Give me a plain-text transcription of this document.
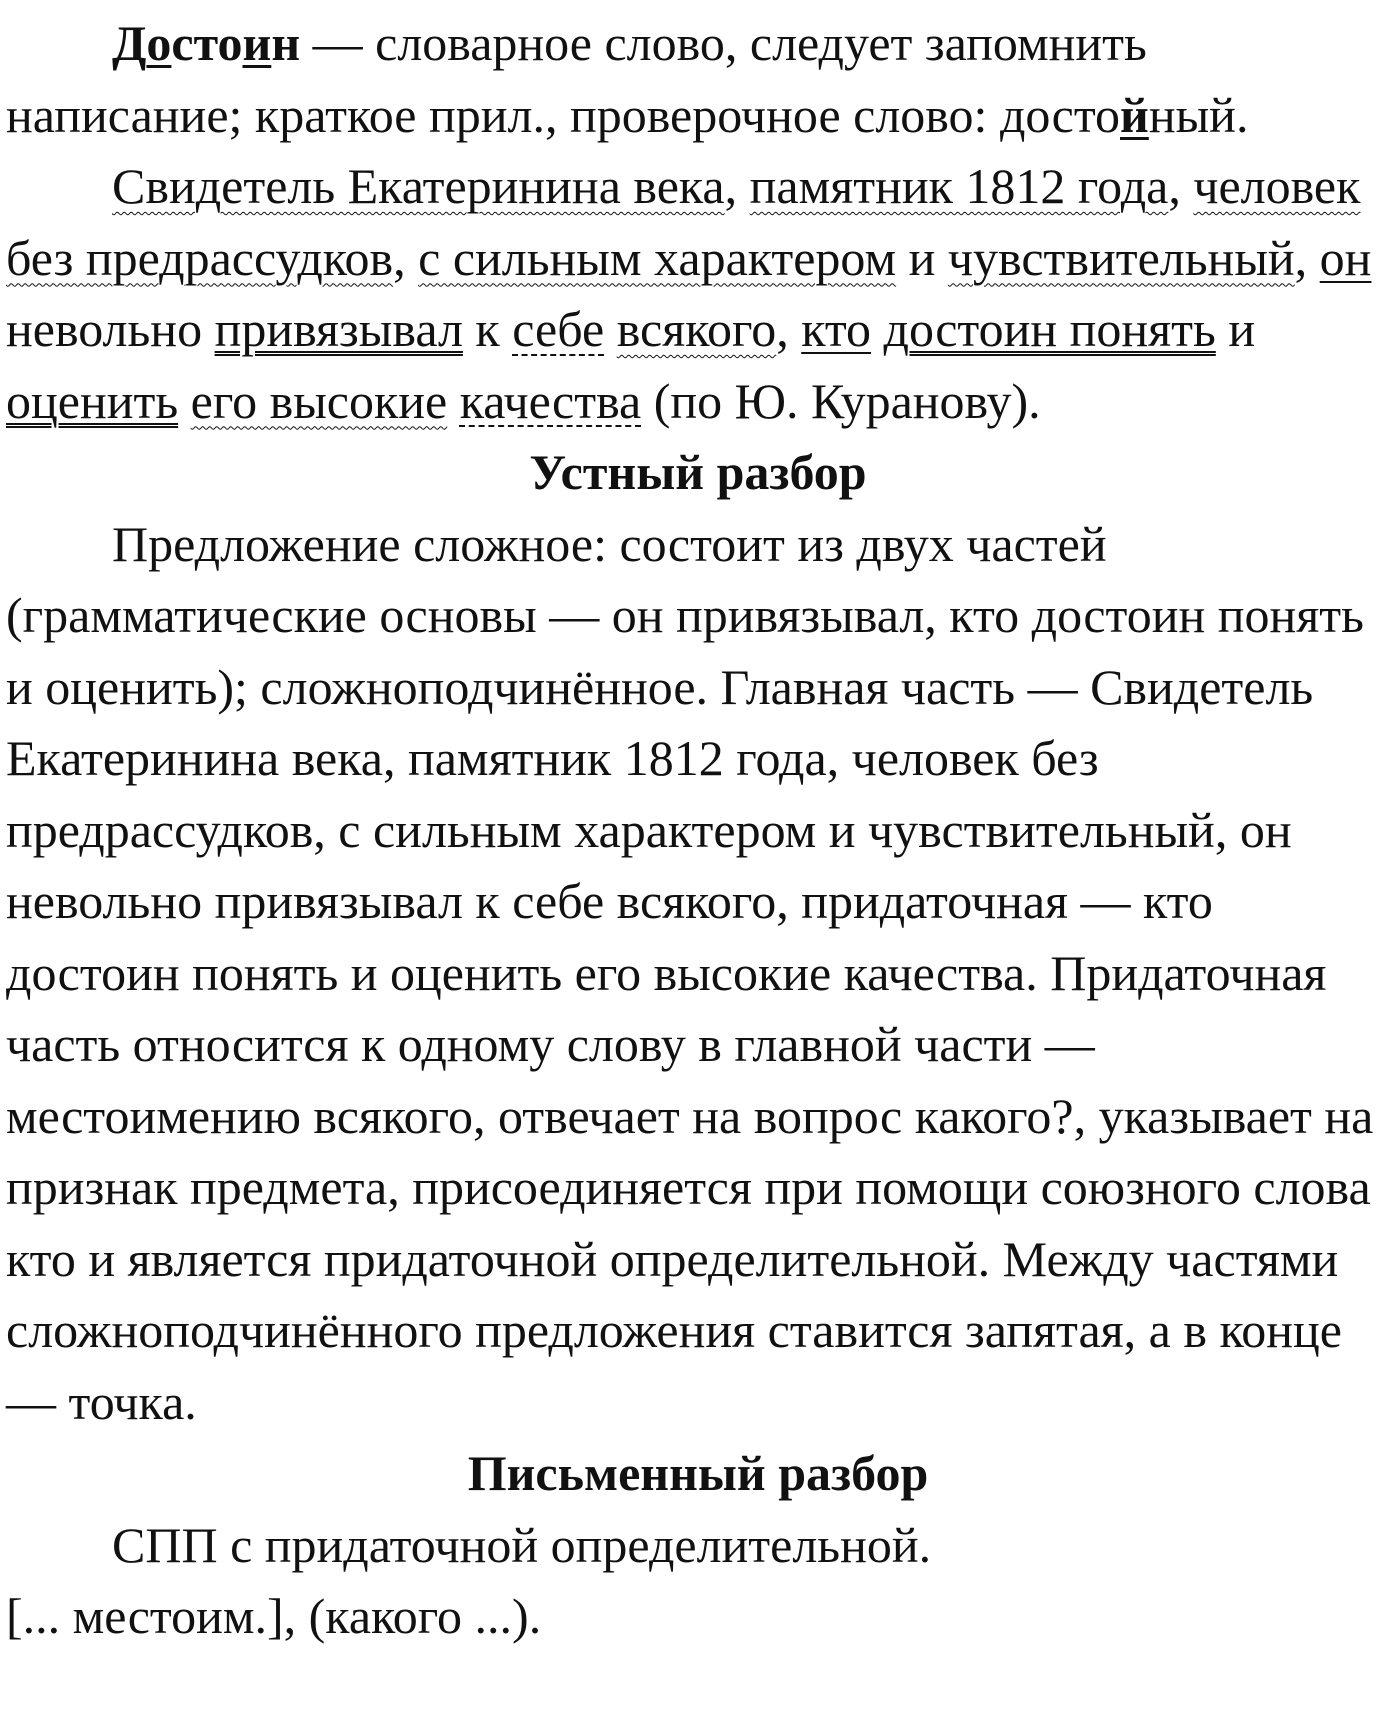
Достоин — словарное слово, следует запомнить
написание; краткое прил., проверочное слово: достойный.

Свидетель Екатеринина века, памятник 1812 года, человек без предрассудков, с сильным характером и чувствительный, он невольно привязывал к себе всякого, кто достоин понять и оценить его высокие качества (по Ю. Куранову).

Устный разбор

Предложение сложное: состоит из двух частей (грамматические основы — он привязывал, кто достоин понять и оценить); сложноподчинённое. Главная часть — Свидетель Екатеринина века, памятник 1812 года, человек без предрассудков, с сильным характером и чувствительный, он невольно привязывал к себе всякого, придаточная — кто достоин понять и оценить его высокие качества. Придаточная часть относится к одному слову в главной части — местоимению всякого, отвечает на вопрос какого?, указывает на признак предмета, присоединяется при помощи союзного слова кто и является придаточной определительной. Между частями сложноподчинённого предложения ставится запятая, а в конце — точка.

Письменный разбор

СПП с придаточной определительной.

[... местоим.], (какого ...).
